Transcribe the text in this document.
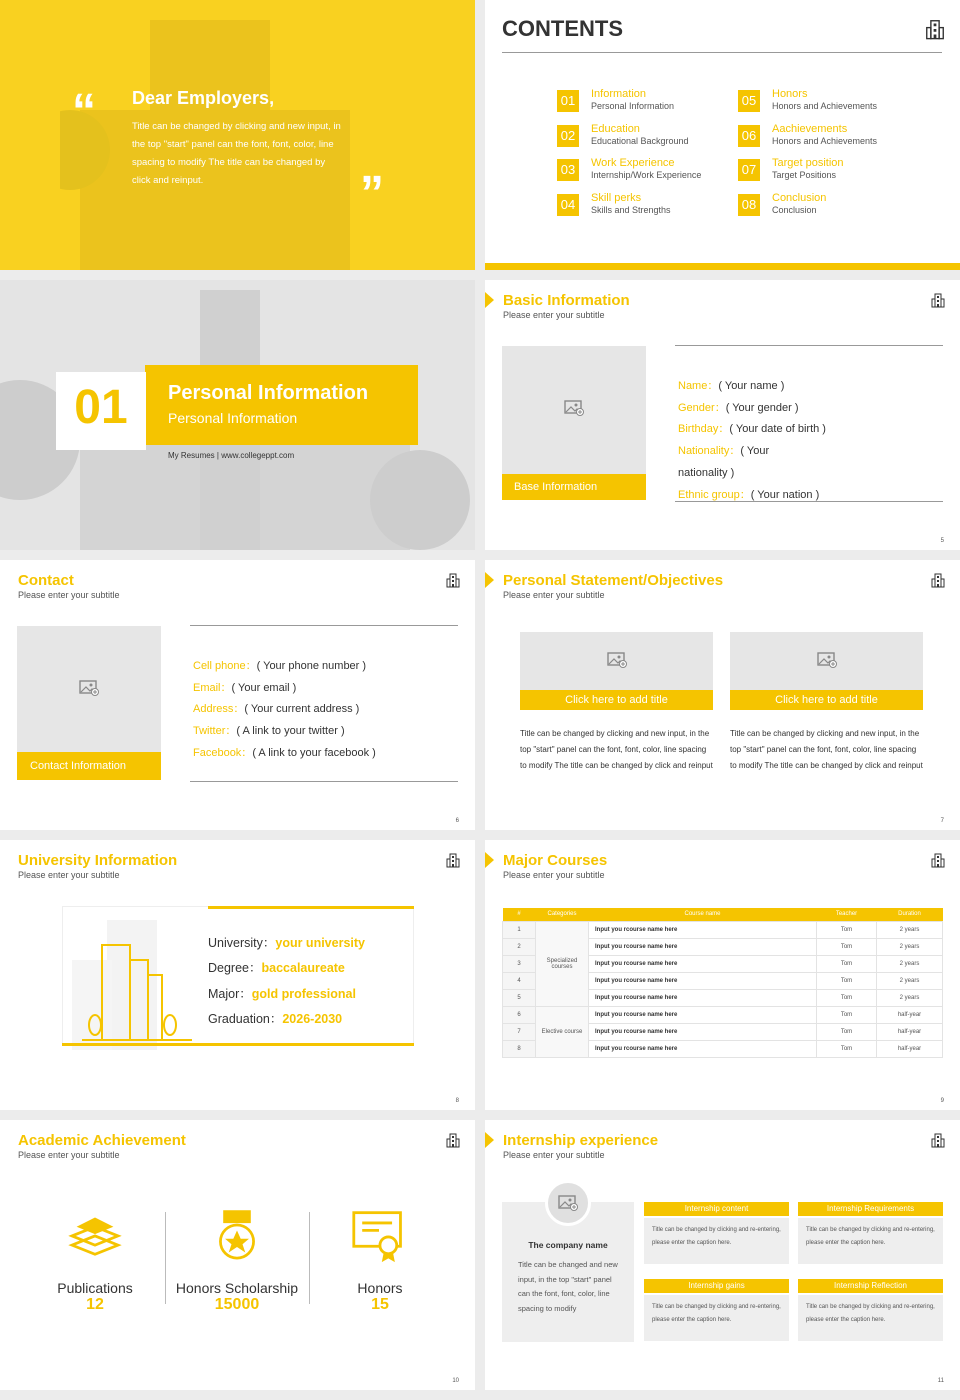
“ Dear Employers,
Title can be changed by clicking and new input, in the top "start" panel can the font, font, color, line spacing to modify The title can be changed by click and reinput.	”
CONTENTS
01	Information
Personal Information
02	Education
Educational Background
03	Work Experience
Internship/Work Experience
04	Skill perks
Skills and Strengths
05	Honors
Honors and Achievements
06	Aachievements
Honors and Achievements
07	Target position
Target Positions
08	Conclusion
Conclusion
01	Personal Information
Personal Information
My Resumes | www.collegeppt.com
Basic Information
Please enter your subtitle
Base Information
Name：( Your name )
Gender：( Your gender )
Birthday：( Your date of birth )
Nationality：( Your
nationality )
Ethnic group：( Your nation )
5
Contact
Please enter your subtitle
Contact Information
Cell phone：( Your phone number )
Email：( Your email )
Address：( Your current address )
Twitter：( A link to your twitter )
Facebook：( A link to your facebook )
6
Personal Statement/Objectives
Please enter your subtitle
Click here to add title
Title can be changed by clicking and new input, in the top "start" panel can the font, font, color, line spacing to modify The title can be changed by click and reinput
Click here to add title
Title can be changed by clicking and new input, in the top "start" panel can the font, font, color, line spacing to modify The title can be changed by click and reinput
7
University Information
Please enter your subtitle
University：your university
Degree：baccalaureate
Major：gold professional
Graduation：2026-2030
8
Major Courses
Please enter your subtitle
#	Categories	Course name	Teacher	Duration
1	Specialized courses	Input you rcourse name here	Tom	2 years
2		Input you rcourse name here	Tom	2 years
3		Input you rcourse name here	Tom	2 years
4		Input you rcourse name here	Tom	2 years
5		Input you rcourse name here	Tom	2 years
6	Elective course	Input you rcourse name here	Tom	half-year
7		Input you rcourse name here	Tom	half-year
8		Input you rcourse name here	Tom	half-year
9
Academic Achievement
Please enter your subtitle
Publications
12
Honors Scholarship
15000
Honors
15
10
Internship experience
Please enter your subtitle
The company name
Title can be changed and new input, in the top "start" panel can the font, font, color, line spacing to modify
Internship content
Title can be changed by clicking and re-entering, please enter the caption here.
Internship Requirements
Title can be changed by clicking and re-entering, please enter the caption here.
Internship gains
Title can be changed by clicking and re-entering, please enter the caption here.
Internship Reflection
Title can be changed by clicking and re-entering, please enter the caption here.
11
